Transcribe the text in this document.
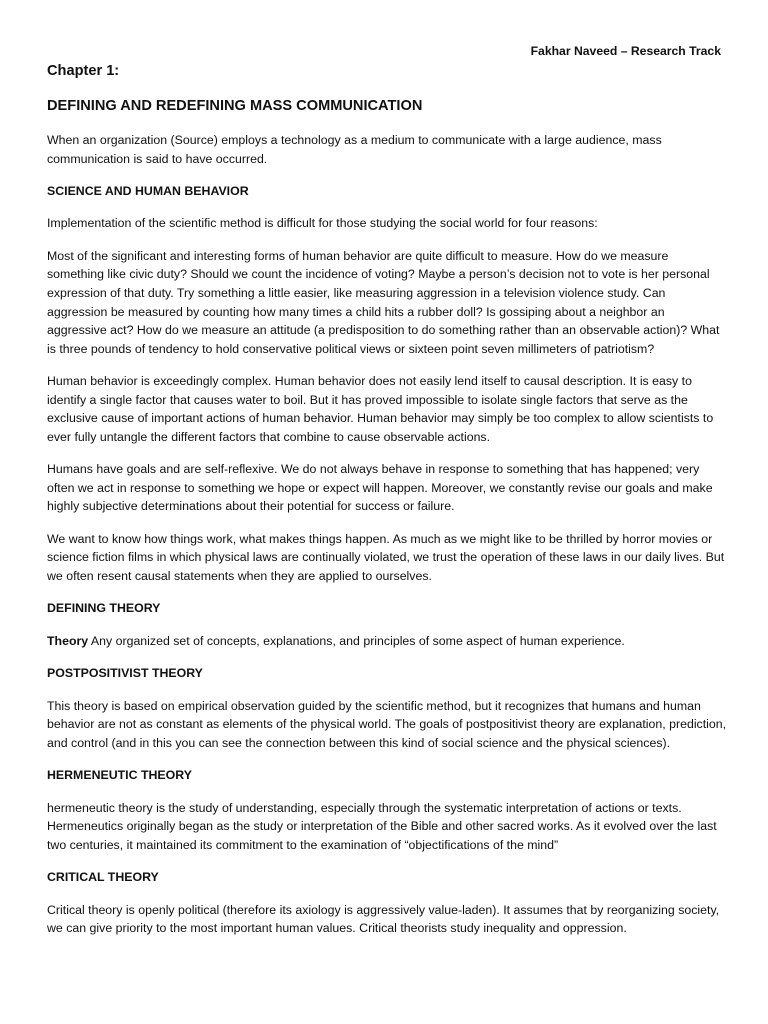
Fakhar Naveed – Research Track
Chapter 1:
DEFINING AND REDEFINING MASS COMMUNICATION

When an organization (Source) employs a technology as a medium to communicate with a large audience, mass communication is said to have occurred.

SCIENCE AND HUMAN BEHAVIOR

Implementation of the scientific method is difficult for those studying the social world for four reasons:

Most of the significant and interesting forms of human behavior are quite difficult to measure. How do we measure something like civic duty? Should we count the incidence of voting? Maybe a person’s decision not to vote is her personal expression of that duty. Try something a little easier, like measuring aggression in a television violence study. Can aggression be measured by counting how many times a child hits a rubber doll? Is gossiping about a neighbor an aggressive act? How do we measure an attitude (a predisposition to do something rather than an observable action)? What is three pounds of tendency to hold conservative political views or sixteen point seven millimeters of patriotism?

Human behavior is exceedingly complex. Human behavior does not easily lend itself to causal description. It is easy to identify a single factor that causes water to boil. But it has proved impossible to isolate single factors that serve as the exclusive cause of important actions of human behavior. Human behavior may simply be too complex to allow scientists to ever fully untangle the different factors that combine to cause observable actions.

Humans have goals and are self-reflexive. We do not always behave in response to something that has happened; very often we act in response to something we hope or expect will happen. Moreover, we constantly revise our goals and make highly subjective determinations about their potential for success or failure.

We want to know how things work, what makes things happen. As much as we might like to be thrilled by horror movies or science fiction films in which physical laws are continually violated, we trust the operation of these laws in our daily lives. But we often resent causal statements when they are applied to ourselves.

DEFINING THEORY

Theory Any organized set of concepts, explanations, and principles of some aspect of human experience.

POSTPOSITIVIST THEORY

This theory is based on empirical observation guided by the scientific method, but it recognizes that humans and human behavior are not as constant as elements of the physical world. The goals of postpositivist theory are explanation, prediction, and control (and in this you can see the connection between this kind of social science and the physical sciences).

HERMENEUTIC THEORY

hermeneutic theory is the study of understanding, especially through the systematic interpretation of actions or texts. Hermeneutics originally began as the study or interpretation of the Bible and other sacred works. As it evolved over the last two centuries, it maintained its commitment to the examination of “objectifications of the mind”

CRITICAL THEORY

Critical theory is openly political (therefore its axiology is aggressively value-laden). It assumes that by reorganizing society, we can give priority to the most important human values. Critical theorists study inequality and oppression.
